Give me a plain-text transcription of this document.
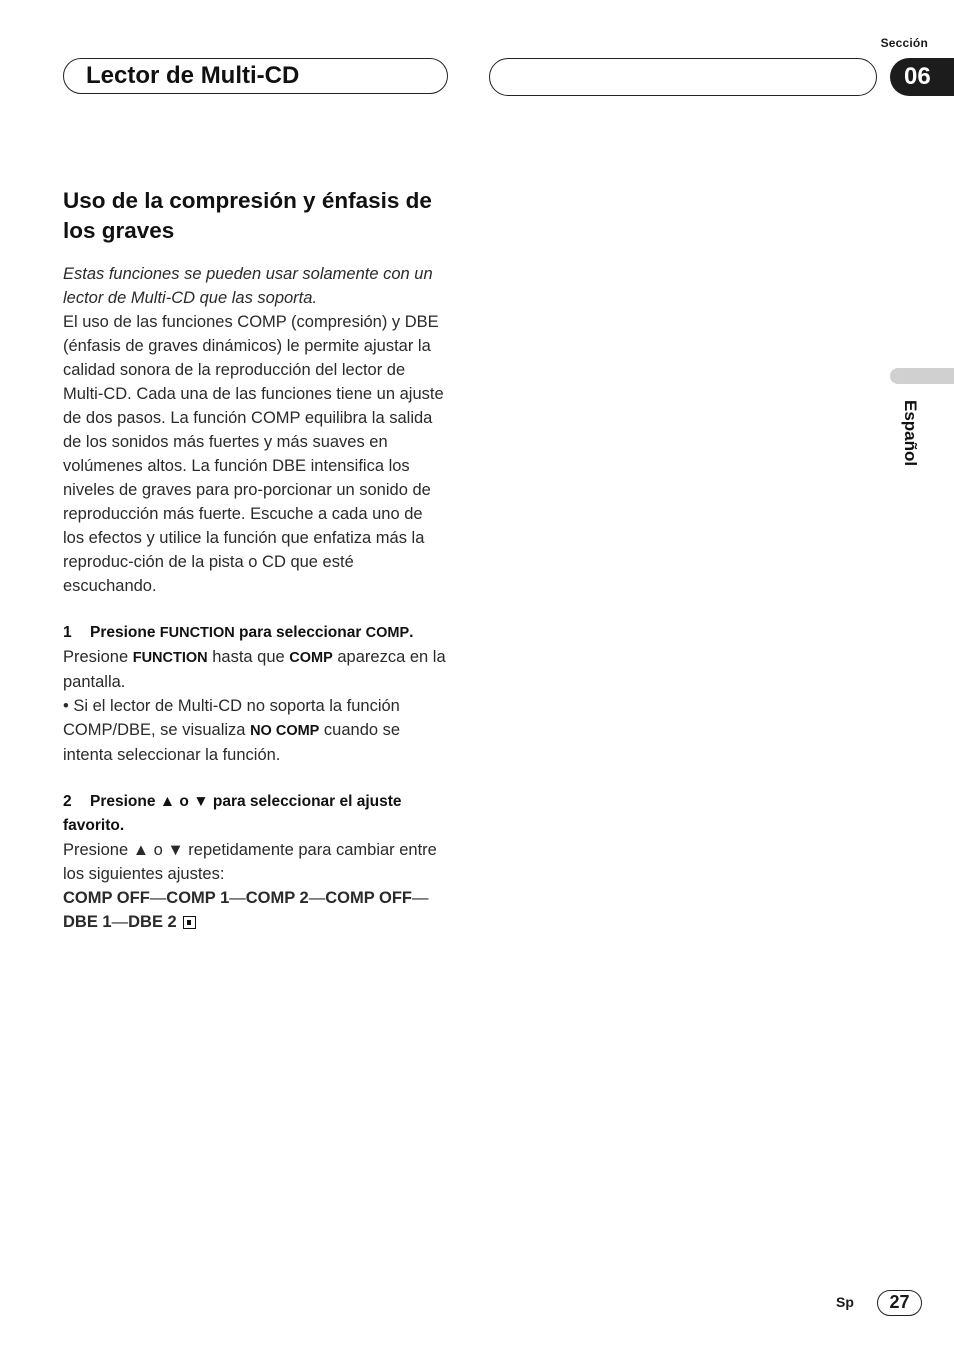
Sección
Lector de Multi-CD	06
Español
Uso de la compresión y énfasis de los graves

Estas funciones se pueden usar solamente con un lector de Multi-CD que las soporta.

El uso de las funciones COMP (compresión) y DBE (énfasis de graves dinámicos) le permite ajustar la calidad sonora de la reproducción del lector de Multi-CD. Cada una de las funciones tiene un ajuste de dos pasos. La función COMP equilibra la salida de los sonidos más fuertes y más suaves en volúmenes altos. La función DBE intensifica los niveles de graves para pro-porcionar un sonido de reproducción más fuerte. Escuche a cada uno de los efectos y utilice la función que enfatiza más la reproduc-ción de la pista o CD que esté escuchando.

1 Presione FUNCTION para seleccionar COMP.

Presione FUNCTION hasta que COMP aparezca en la pantalla.

• Si el lector de Multi-CD no soporta la función COMP/DBE, se visualiza NO COMP cuando se intenta seleccionar la función.

2 Presione ▲ o ▼ para seleccionar el ajuste favorito.

Presione ▲ o ▼ repetidamente para cambiar entre los siguientes ajustes:

COMP OFF—COMP 1—COMP 2—COMP OFF—
DBE 1—DBE 2

Sp	27
